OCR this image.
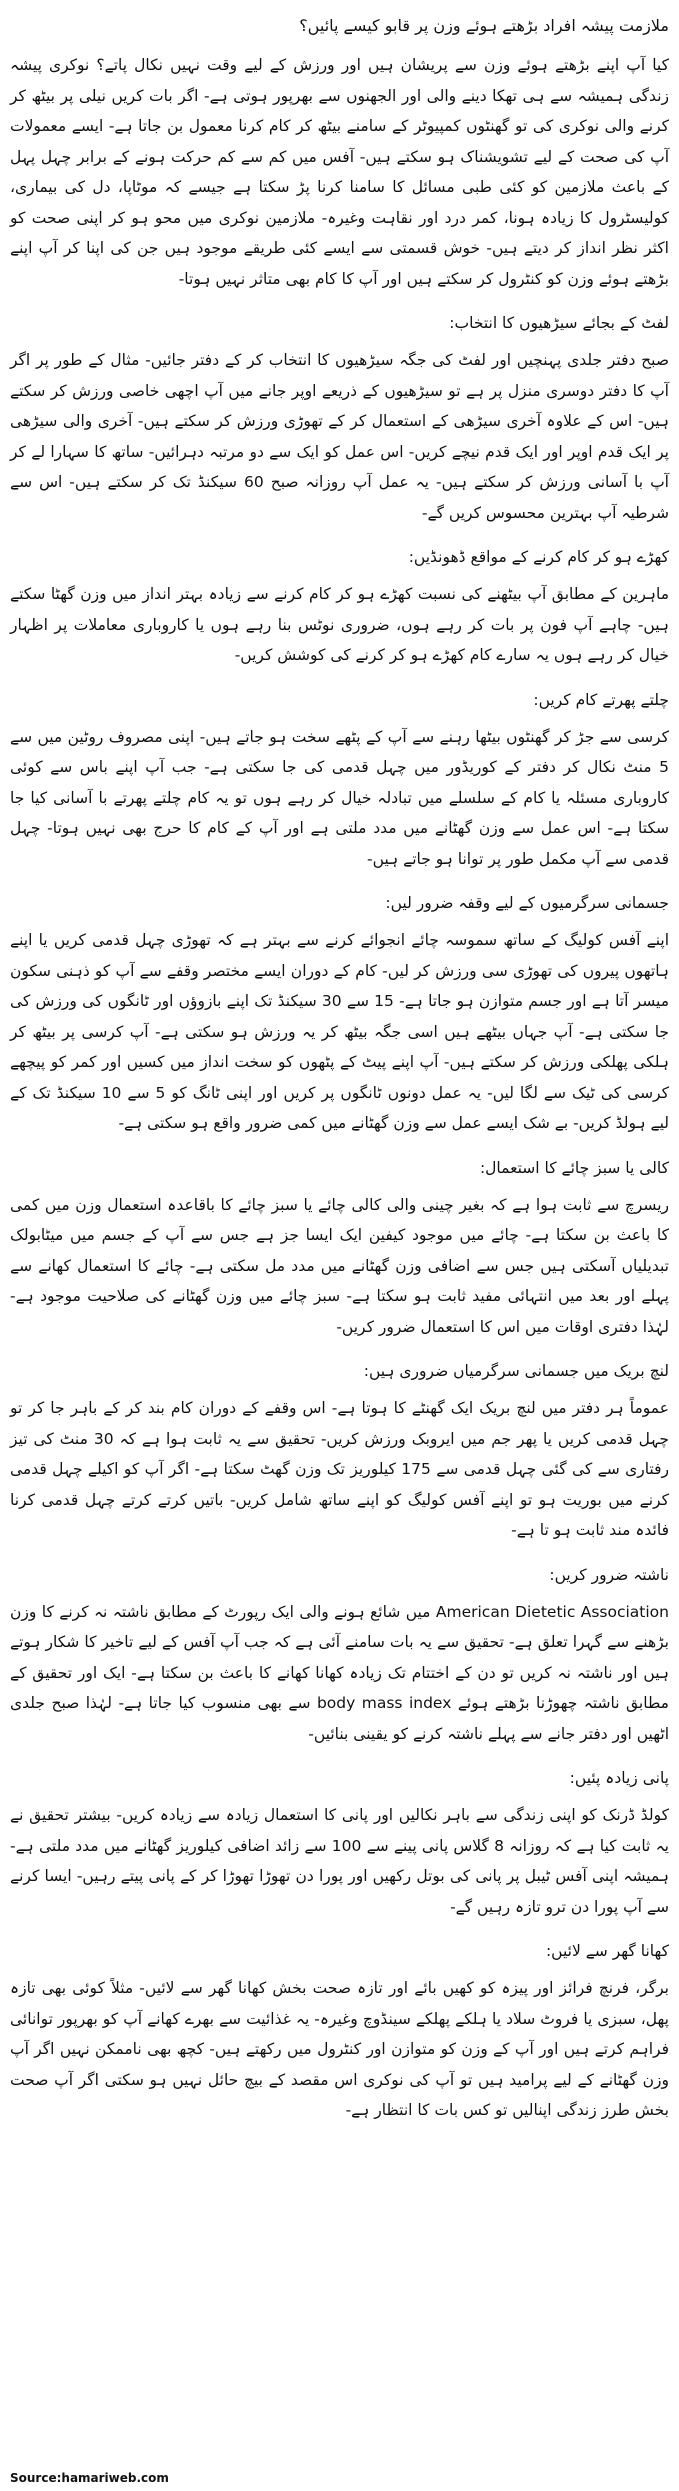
ملازمت پیشہ افراد بڑھتے ہوئے وزن پر قابو کیسے پائیں؟

کیا آپ اپنے بڑھتے ہوئے وزن سے پریشان ہیں اور ورزش کے لیے وقت نہیں نکال پاتے؟ نوکری پیشہ زندگی ہمیشہ سے ہی تھکا دینے والی اور الجھنوں سے بھرپور ہوتی ہے- اگر بات کریں نیلی پر بیٹھ کر کرنے والی نوکری کی تو گھنٹوں کمپیوٹر کے سامنے بیٹھ کر کام کرنا معمول بن جاتا ہے- ایسے معمولات آپ کی صحت کے لیے تشویشناک ہو سکتے ہیں- آفس میں کم سے کم حرکت ہونے کے برابر چہل پہل کے باعث ملازمین کو کئی طبی مسائل کا سامنا کرنا پڑ سکتا ہے جیسے کہ موٹاپا، دل کی بیماری، کولیسٹرول کا زیادہ ہونا، کمر درد اور نقاہت وغیرہ- ملازمین نوکری میں محو ہو کر اپنی صحت کو اکثر نظر انداز کر دیتے ہیں- خوش قسمتی سے ایسے کئی طریقے موجود ہیں جن کی اپنا کر آپ اپنے بڑھتے ہوئے وزن کو کنٹرول کر سکتے ہیں اور آپ کا کام بھی متاثر نہیں ہوتا-

لفٹ کے بجائے سیڑھیوں کا انتخاب:

صبح دفتر جلدی پہنچیں اور لفٹ کی جگہ سیڑھیوں کا انتخاب کر کے دفتر جائیں- مثال کے طور پر اگر آپ کا دفتر دوسری منزل پر ہے تو سیڑھیوں کے ذریعے اوپر جانے میں آپ اچھی خاصی ورزش کر سکتے ہیں- اس کے علاوہ آخری سیڑھی کے استعمال کر کے تھوڑی ورزش کر سکتے ہیں- آخری والی سیڑھی پر ایک قدم اوپر اور ایک قدم نیچے کریں- اس عمل کو ایک سے دو مرتبہ دہرائیں- ساتھ کا سہارا لے کر آپ با آسانی ورزش کر سکتے ہیں- یہ عمل آپ روزانہ صبح 60 سیکنڈ تک کر سکتے ہیں- اس سے شرطیہ آپ بہترین محسوس کریں گے-

کھڑے ہو کر کام کرنے کے مواقع ڈھونڈیں:

ماہرین کے مطابق آپ بیٹھنے کی نسبت کھڑے ہو کر کام کرنے سے زیادہ بہتر انداز میں وزن گھٹا سکتے ہیں- چاہے آپ فون پر بات کر رہے ہوں، ضروری نوٹس بنا رہے ہوں یا کاروباری معاملات پر اظہار خیال کر رہے ہوں یہ سارے کام کھڑے ہو کر کرنے کی کوشش کریں-

چلتے پھرتے کام کریں:

کرسی سے جڑ کر گھنٹوں بیٹھا رہنے سے آپ کے پٹھے سخت ہو جاتے ہیں- اپنی مصروف روٹین میں سے 5 منٹ نکال کر دفتر کے کوریڈور میں چہل قدمی کی جا سکتی ہے- جب آپ اپنے باس سے کوئی کاروباری مسئلہ یا کام کے سلسلے میں تبادلہ خیال کر رہے ہوں تو یہ کام چلتے پھرتے با آسانی کیا جا سکتا ہے- اس عمل سے وزن گھٹانے میں مدد ملتی ہے اور آپ کے کام کا حرج بھی نہیں ہوتا- چہل قدمی سے آپ مکمل طور پر توانا ہو جاتے ہیں-

جسمانی سرگرمیوں کے لیے وقفہ ضرور لیں:

اپنے آفس کولیگ کے ساتھ سموسہ چائے انجوائے کرنے سے بہتر ہے کہ تھوڑی چہل قدمی کریں یا اپنے ہاتھوں پیروں کی تھوڑی سی ورزش کر لیں- کام کے دوران ایسے مختصر وقفے سے آپ کو ذہنی سکون میسر آتا ہے اور جسم متوازن ہو جاتا ہے- 15 سے 30 سیکنڈ تک اپنے بازوؤں اور ٹانگوں کی ورزش کی جا سکتی ہے- آپ جہاں بیٹھے ہیں اسی جگہ بیٹھ کر یہ ورزش ہو سکتی ہے- آپ کرسی پر بیٹھ کر ہلکی پھلکی ورزش کر سکتے ہیں- آپ اپنے پیٹ کے پٹھوں کو سخت انداز میں کسیں اور کمر کو پیچھے کرسی کی ٹیک سے لگا لیں- یہ عمل دونوں ٹانگوں پر کریں اور اپنی ٹانگ کو 5 سے 10 سیکنڈ تک کے لیے ہولڈ کریں- بے شک ایسے عمل سے وزن گھٹانے میں کمی ضرور واقع ہو سکتی ہے-

کالی یا سبز چائے کا استعمال:

ریسرچ سے ثابت ہوا ہے کہ بغیر چینی والی کالی چائے یا سبز چائے کا باقاعدہ استعمال وزن میں کمی کا باعث بن سکتا ہے- چائے میں موجود کیفین ایک ایسا جز ہے جس سے آپ کے جسم میں میٹابولک تبدیلیاں آسکتی ہیں جس سے اضافی وزن گھٹانے میں مدد مل سکتی ہے- چائے کا استعمال کھانے سے پہلے اور بعد میں انتہائی مفید ثابت ہو سکتا ہے- سبز چائے میں وزن گھٹانے کی صلاحیت موجود ہے- لہٰذا دفتری اوقات میں اس کا استعمال ضرور کریں-

لنچ بریک میں جسمانی سرگرمیاں ضروری ہیں:

عموماً ہر دفتر میں لنچ بریک ایک گھنٹے کا ہوتا ہے- اس وقفے کے دوران کام بند کر کے باہر جا کر تو چہل قدمی کریں یا پھر جم میں ایروبک ورزش کریں- تحقیق سے یہ ثابت ہوا ہے کہ 30 منٹ کی تیز رفتاری سے کی گئی چہل قدمی سے 175 کیلوریز تک وزن گھٹ سکتا ہے- اگر آپ کو اکیلے چہل قدمی کرنے میں بوریت ہو تو اپنے آفس کولیگ کو اپنے ساتھ شامل کریں- باتیں کرتے کرتے چہل قدمی کرنا فائدہ مند ثابت ہو تا ہے-

ناشتہ ضرور کریں:

American Dietetic Association میں شائع ہونے والی ایک رپورٹ کے مطابق ناشتہ نہ کرنے کا وزن بڑھنے سے گہرا تعلق ہے- تحقیق سے یہ بات سامنے آئی ہے کہ جب آپ آفس کے لیے تاخیر کا شکار ہوتے ہیں اور ناشتہ نہ کریں تو دن کے اختتام تک زیادہ کھانا کھانے کا باعث بن سکتا ہے- ایک اور تحقیق کے مطابق ناشتہ چھوڑنا بڑھتے ہوئے body mass index سے بھی منسوب کیا جاتا ہے- لہٰذا صبح جلدی اٹھیں اور دفتر جانے سے پہلے ناشتہ کرنے کو یقینی بنائیں-

پانی زیادہ پئیں:

کولڈ ڈرنک کو اپنی زندگی سے باہر نکالیں اور پانی کا استعمال زیادہ سے زیادہ کریں- بیشتر تحقیق نے یہ ثابت کیا ہے کہ روزانہ 8 گلاس پانی پینے سے 100 سے زائد اضافی کیلوریز گھٹانے میں مدد ملتی ہے- ہمیشہ اپنی آفس ٹیبل پر پانی کی بوتل رکھیں اور پورا دن تھوڑا تھوڑا کر کے پانی پیتے رہیں- ایسا کرنے سے آپ پورا دن ترو تازہ رہیں گے-

کھانا گھر سے لائیں:

برگر، فرنچ فرائز اور پیزہ کو کھیں بائے اور تازہ صحت بخش کھانا گھر سے لائیں- مثلاً کوئی بھی تازہ پھل، سبزی یا فروٹ سلاد یا ہلکے پھلکے سینڈوچ وغیرہ- یہ غذائیت سے بھرے کھانے آپ کو بھرپور توانائی فراہم کرتے ہیں اور آپ کے وزن کو متوازن اور کنٹرول میں رکھتے ہیں- کچھ بھی ناممکن نہیں اگر آپ وزن گھٹانے کے لیے پرامید ہیں تو آپ کی نوکری اس مقصد کے بیچ حائل نہیں ہو سکتی اگر آپ صحت بخش طرز زندگی اپنالیں تو کس بات کا انتظار ہے-

Source:hamariweb.com
